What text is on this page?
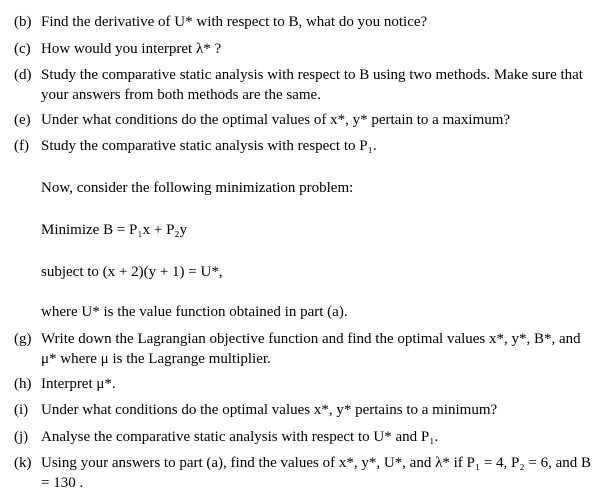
(b) Find the derivative of U* with respect to B, what do you notice?
(c) How would you interpret λ* ?
(d) Study the comparative static analysis with respect to B using two methods. Make sure that your answers from both methods are the same.
(e) Under what conditions do the optimal values of x*, y* pertain to a maximum?
(f) Study the comparative static analysis with respect to P₁.
Now, consider the following minimization problem:
Minimize B = P₁x + P₂y
subject to (x + 2)(y + 1) = U*,
where U* is the value function obtained in part (a).
(g) Write down the Lagrangian objective function and find the optimal values x*, y*, B*, and μ* where μ is the Lagrange multiplier.
(h) Interpret μ*.
(i) Under what conditions do the optimal values x*, y* pertains to a minimum?
(j) Analyse the comparative static analysis with respect to U* and P₁.
(k) Using your answers to part (a), find the values of x*, y*, U*, and λ* if P₁ = 4, P₂ = 6, and B = 130 .
